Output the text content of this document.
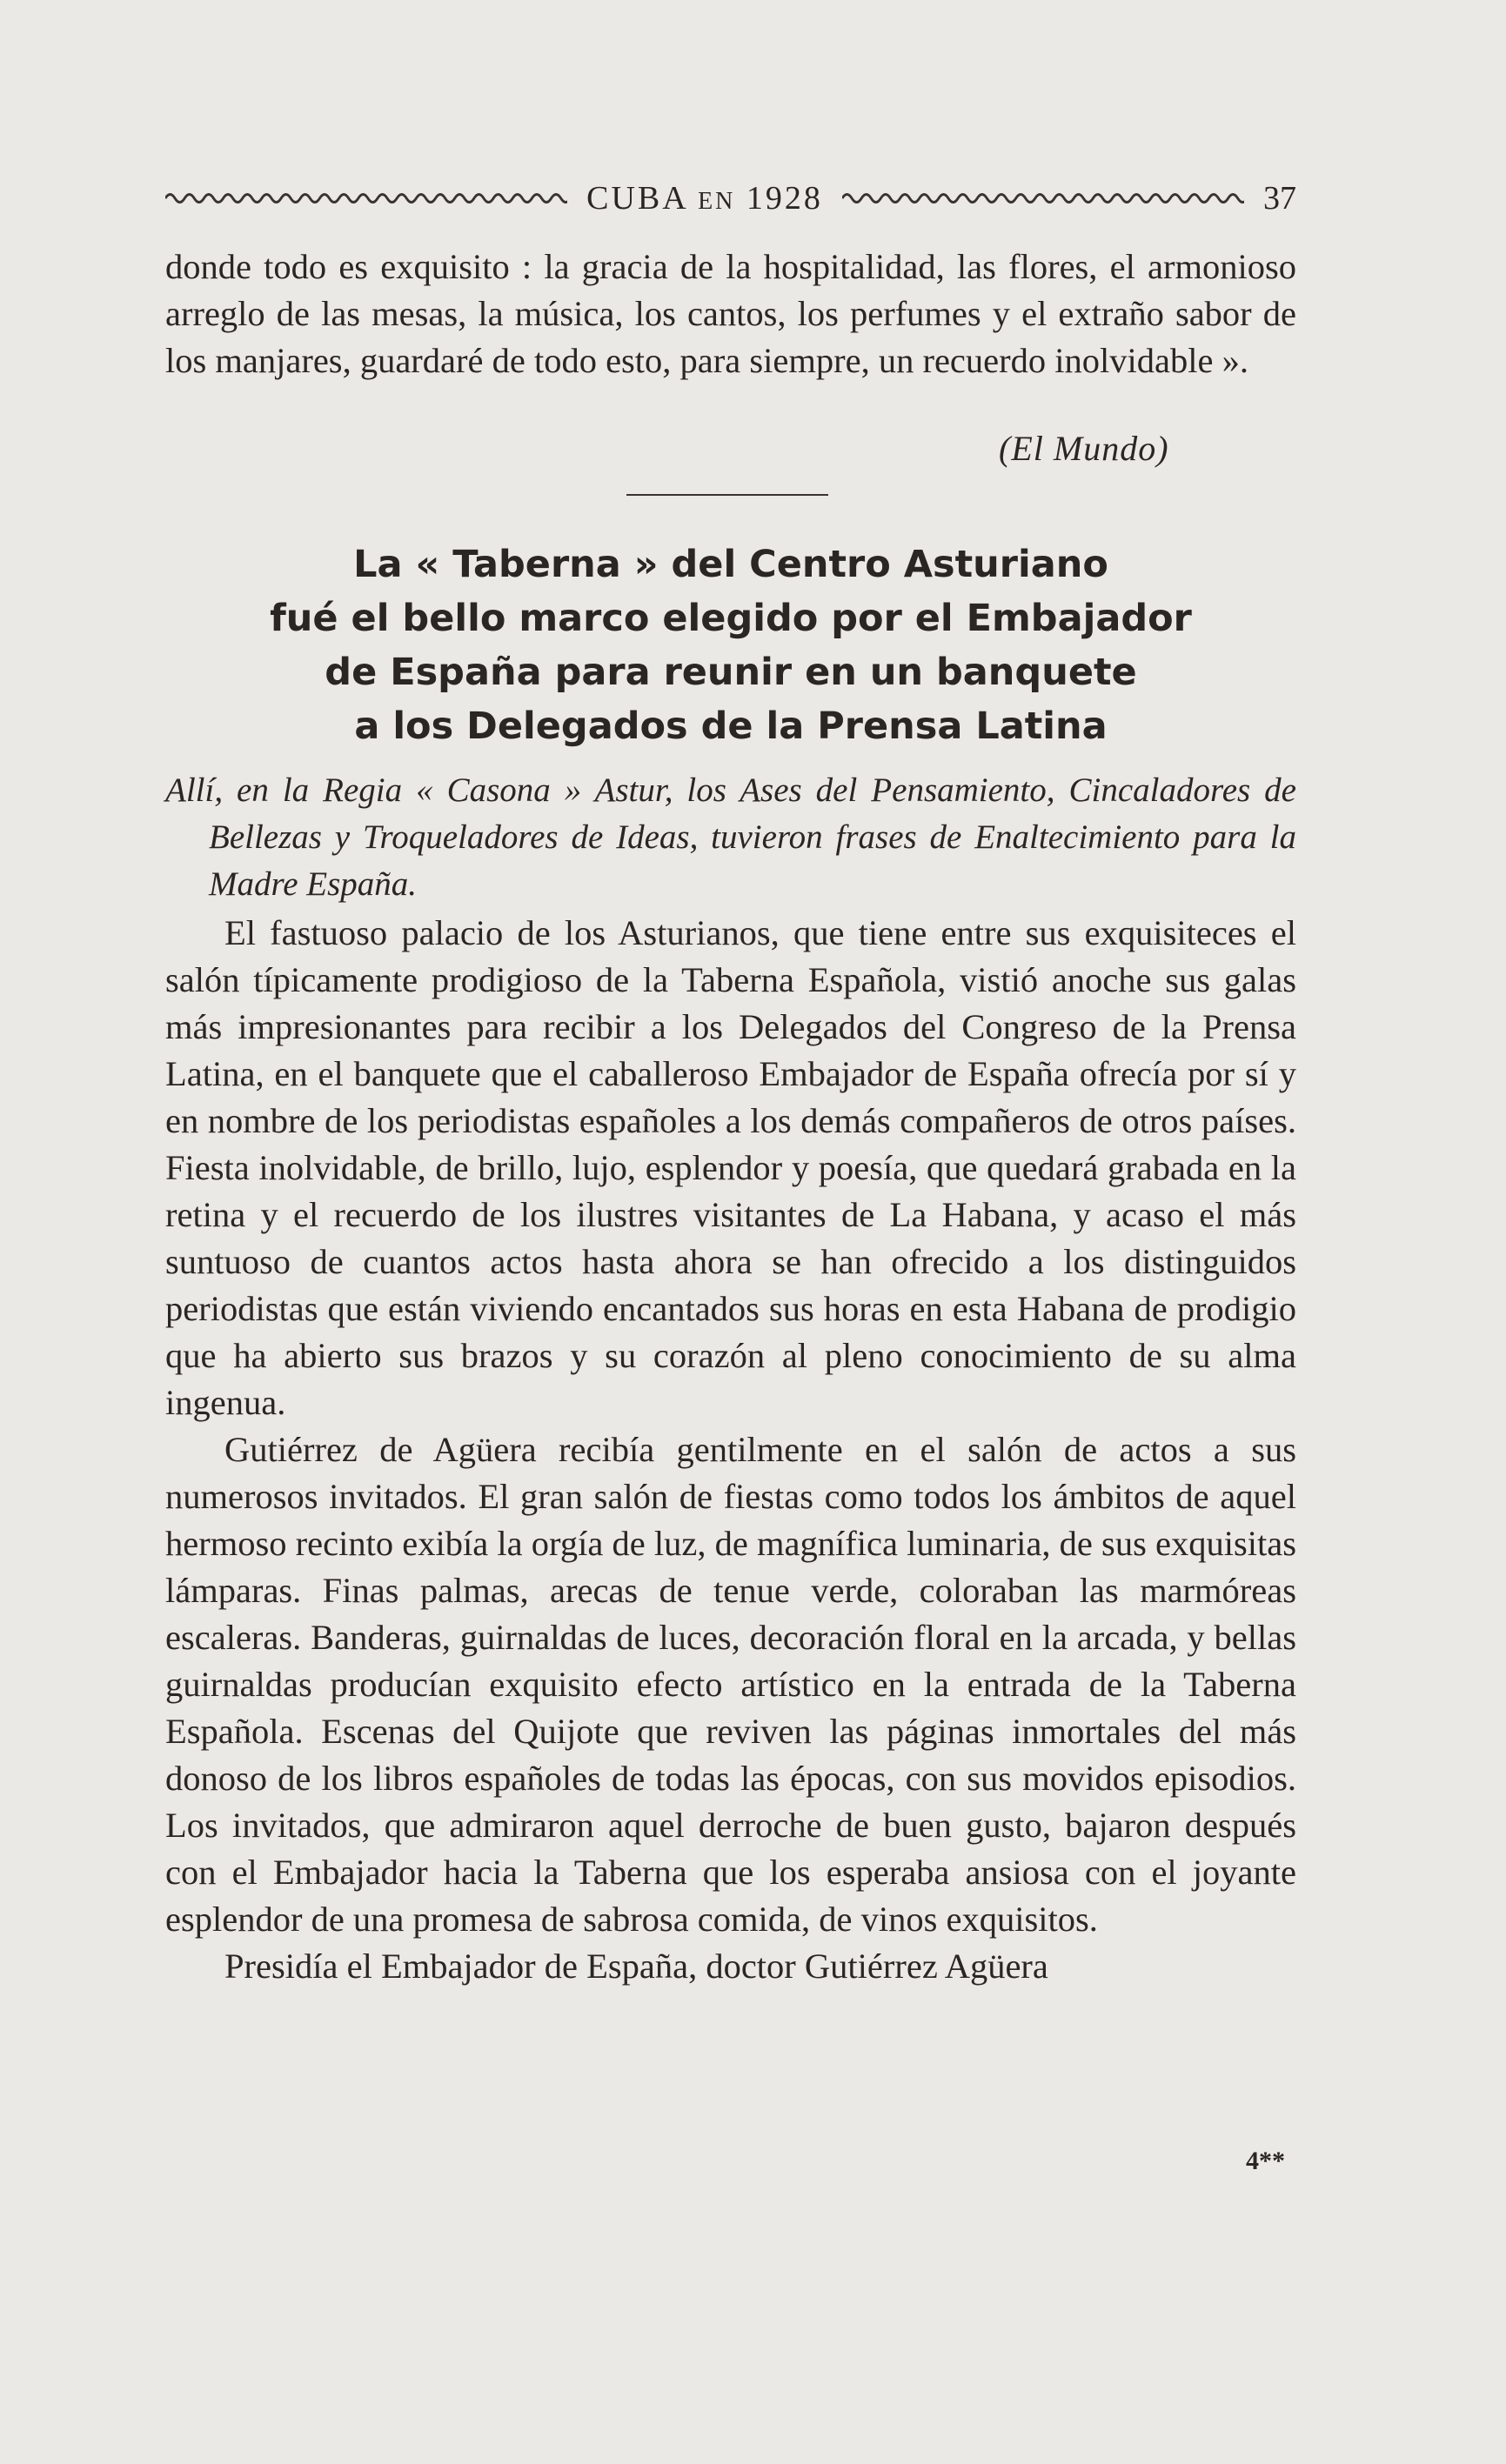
CUBA EN 1928	37

donde todo es exquisito : la gracia de la hospitalidad, las flores, el armonioso arreglo de las mesas, la música, los cantos, los perfumes y el extraño sabor de los manjares, guardaré de todo esto, para siempre, un recuerdo inolvidable ».

(El Mundo)
La « Taberna » del Centro Asturiano
fué el bello marco elegido por el Embajador
de España para reunir en un banquete
a los Delegados de la Prensa Latina

Allí, en la Regia « Casona » Astur, los Ases del Pensamiento, Cincaladores de Bellezas y Troqueladores de Ideas, tuvieron frases de Enaltecimiento para la Madre España.

El fastuoso palacio de los Asturianos, que tiene entre sus exquisiteces el salón típicamente prodigioso de la Taberna Española, vistió anoche sus galas más impresionantes para recibir a los Delegados del Congreso de la Prensa Latina, en el banquete que el caballeroso Embajador de España ofrecía por sí y en nombre de los periodistas españoles a los demás compañeros de otros países. Fiesta inolvidable, de brillo, lujo, esplendor y poesía, que quedará grabada en la retina y el recuerdo de los ilustres visitantes de La Habana, y acaso el más suntuoso de cuantos actos hasta ahora se han ofrecido a los distinguidos periodistas que están viviendo encantados sus horas en esta Habana de prodigio que ha abierto sus brazos y su corazón al pleno conocimiento de su alma ingenua.

Gutiérrez de Agüera recibía gentilmente en el salón de actos a sus numerosos invitados. El gran salón de fiestas como todos los ámbitos de aquel hermoso recinto exibía la orgía de luz, de magnífica luminaria, de sus exquisitas lámparas. Finas palmas, arecas de tenue verde, coloraban las marmóreas escaleras. Banderas, guirnaldas de luces, decoración floral en la arcada, y bellas guirnaldas producían exquisito efecto artístico en la entrada de la Taberna Española. Escenas del Quijote que reviven las páginas inmortales del más donoso de los libros españoles de todas las épocas, con sus movidos episodios. Los invitados, que admiraron aquel derroche de buen gusto, bajaron después con el Embajador hacia la Taberna que los esperaba ansiosa con el joyante esplendor de una promesa de sabrosa comida, de vinos exquisitos.

Presidía el Embajador de España, doctor Gutiérrez Agüera

4**
